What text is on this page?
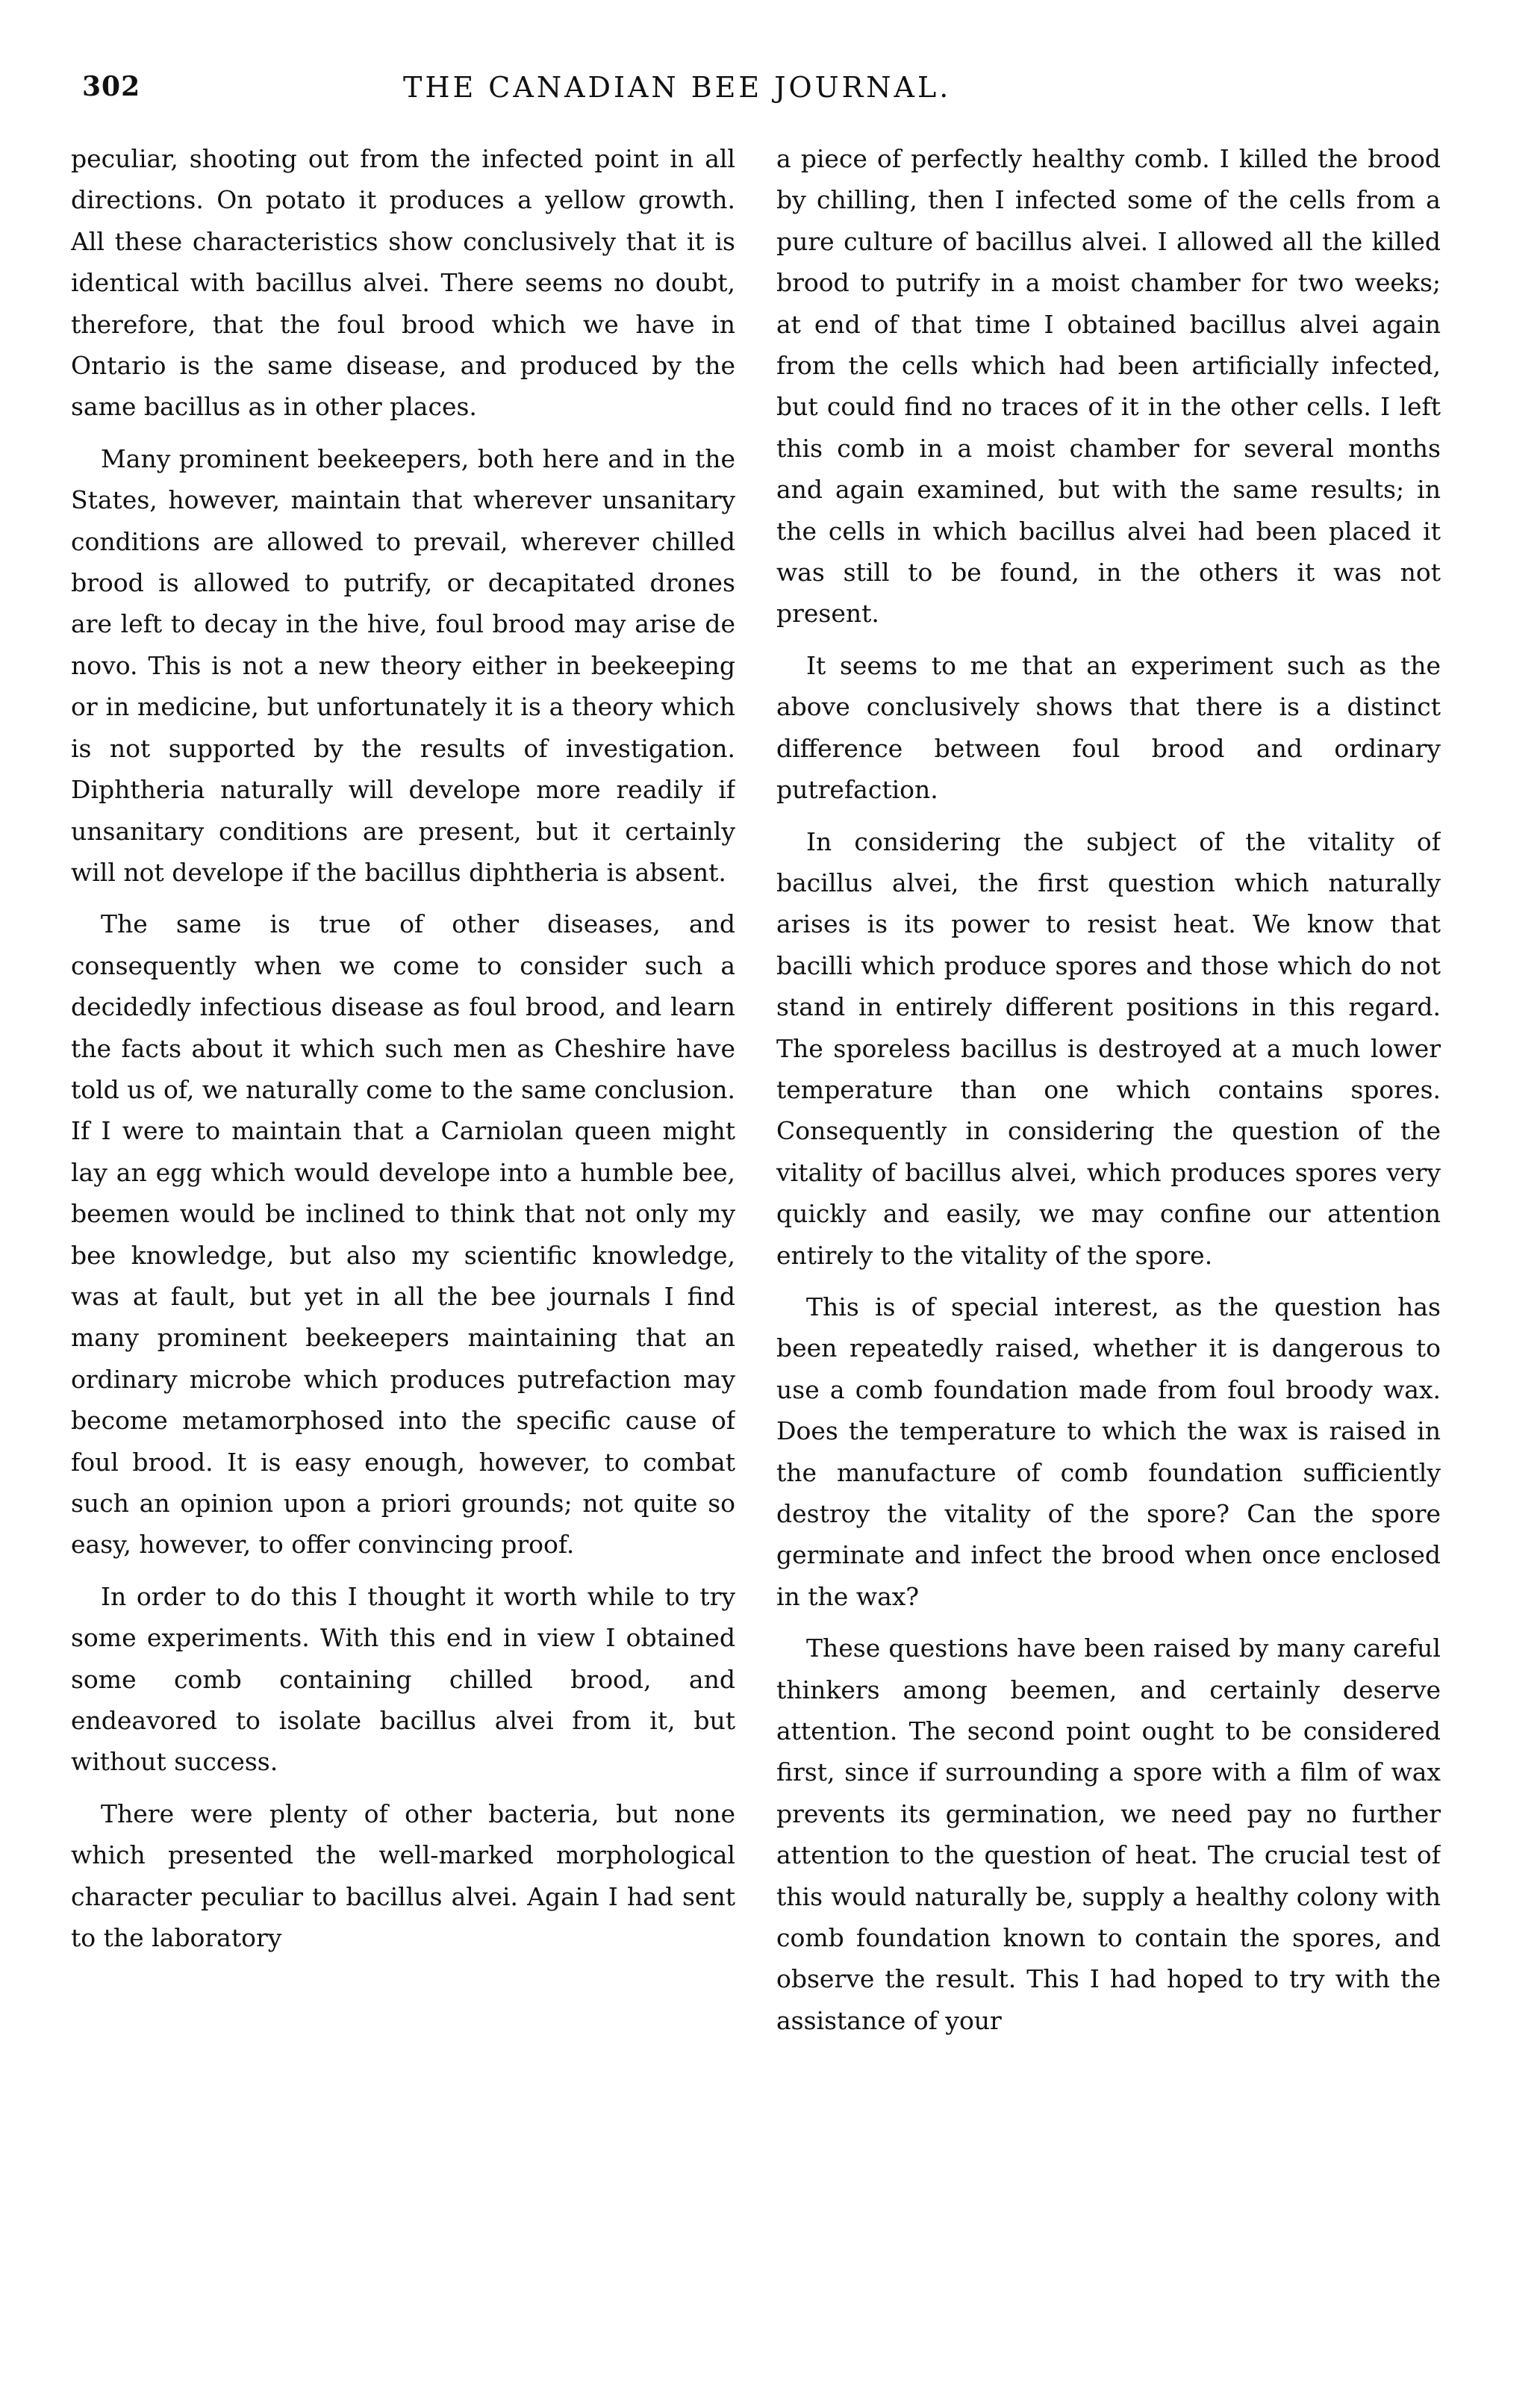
302	THE CANADIAN BEE JOURNAL.

peculiar, shooting out from the infected point in all directions. On potato it produces a yellow growth. All these characteristics show conclusively that it is identical with bacillus alvei. There seems no doubt, therefore, that the foul brood which we have in Ontario is the same disease, and produced by the same bacillus as in other places.

Many prominent beekeepers, both here and in the States, however, maintain that wherever unsanitary conditions are allowed to prevail, wherever chilled brood is allowed to putrify, or decapitated drones are left to decay in the hive, foul brood may arise de novo. This is not a new theory either in beekeeping or in medicine, but unfortunately it is a theory which is not supported by the results of investigation. Diphtheria naturally will develope more readily if unsanitary conditions are present, but it certainly will not develope if the bacillus diphtheria is absent.

The same is true of other diseases, and consequently when we come to consider such a decidedly infectious disease as foul brood, and learn the facts about it which such men as Cheshire have told us of, we naturally come to the same conclusion. If I were to maintain that a Carniolan queen might lay an egg which would develope into a humble bee, beemen would be inclined to think that not only my bee knowledge, but also my scientific knowledge, was at fault, but yet in all the bee journals I find many prominent beekeepers maintaining that an ordinary microbe which produces putrefaction may become metamorphosed into the specific cause of foul brood. It is easy enough, however, to combat such an opinion upon a priori grounds; not quite so easy, however, to offer convincing proof.

In order to do this I thought it worth while to try some experiments. With this end in view I obtained some comb containing chilled brood, and endeavored to isolate bacillus alvei from it, but without success.

There were plenty of other bacteria, but none which presented the well-marked morphological character peculiar to bacillus alvei. Again I had sent to the laboratory

a piece of perfectly healthy comb. I killed the brood by chilling, then I infected some of the cells from a pure culture of bacillus alvei. I allowed all the killed brood to putrify in a moist chamber for two weeks; at end of that time I obtained bacillus alvei again from the cells which had been artificially infected, but could find no traces of it in the other cells. I left this comb in a moist chamber for several months and again examined, but with the same results; in the cells in which bacillus alvei had been placed it was still to be found, in the others it was not present.

It seems to me that an experiment such as the above conclusively shows that there is a distinct difference between foul brood and ordinary putrefaction.

In considering the subject of the vitality of bacillus alvei, the first question which naturally arises is its power to resist heat. We know that bacilli which produce spores and those which do not stand in entirely different positions in this regard. The sporeless bacillus is destroyed at a much lower temperature than one which contains spores. Consequently in considering the question of the vitality of bacillus alvei, which produces spores very quickly and easily, we may confine our attention entirely to the vitality of the spore.

This is of special interest, as the question has been repeatedly raised, whether it is dangerous to use a comb foundation made from foul broody wax. Does the temperature to which the wax is raised in the manufacture of comb foundation sufficiently destroy the vitality of the spore? Can the spore germinate and infect the brood when once enclosed in the wax?

These questions have been raised by many careful thinkers among beemen, and certainly deserve attention. The second point ought to be considered first, since if surrounding a spore with a film of wax prevents its germination, we need pay no further attention to the question of heat. The crucial test of this would naturally be, supply a healthy colony with comb foundation known to contain the spores, and observe the result. This I had hoped to try with the assistance of your
